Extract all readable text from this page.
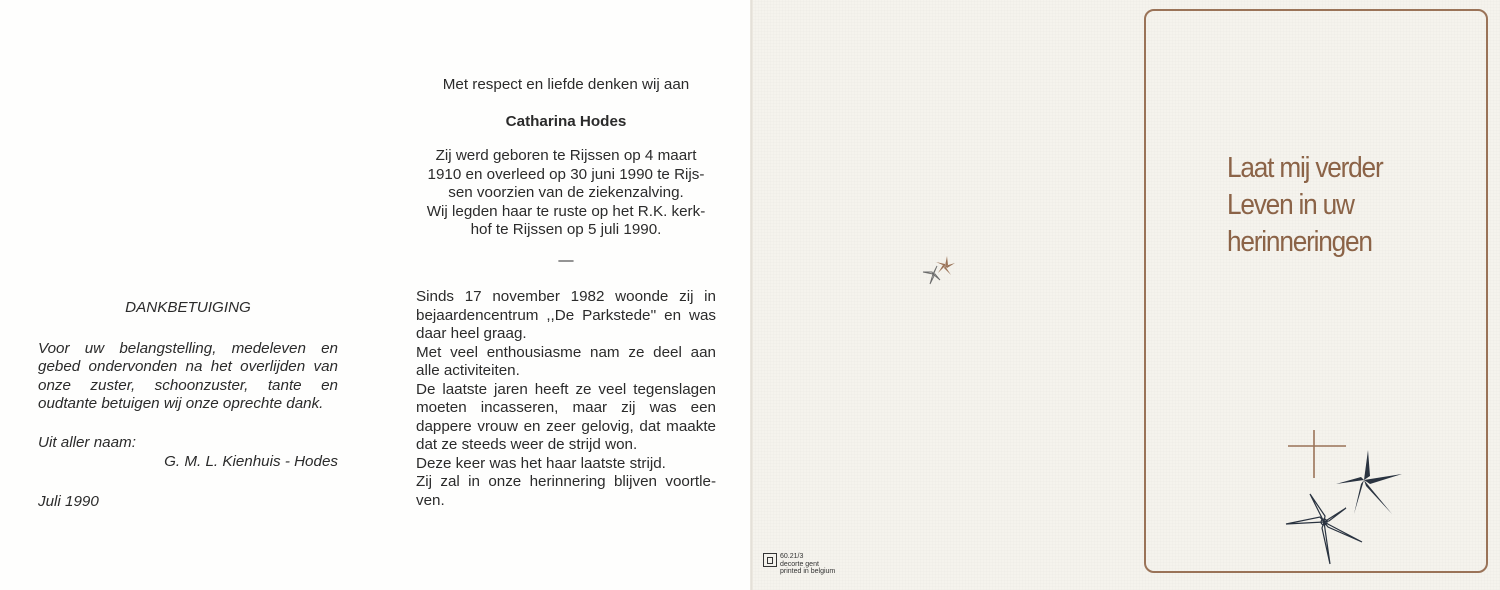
DANKBETUIGING

Voor uw belangstelling, medeleven en gebed ondervonden na het overlijden van onze zuster, schoonzuster, tante en oudtante betuigen wij onze oprechte dank.

Uit aller naam:
G. M. L. Kienhuis - Hodes
Juli 1990

Met respect en liefde denken wij aan

Catharina Hodes

Zij werd geboren te Rijssen op 4 maart
1910 en overleed op 30 juni 1990 te Rijs-
sen voorzien van de ziekenzalving.
Wij legden haar te ruste op het R.K. kerk-
hof te Rijssen op 5 juli 1990.
—
Sinds 17 november 1982 woonde zij in bejaardencentrum ,,De Parkstede'' en was daar heel graag.
Met veel enthousiasme nam ze deel aan alle activiteiten.
De laatste jaren heeft ze veel tegenslagen moeten incasseren, maar zij was een dappere vrouw en zeer gelovig, dat maakte dat ze steeds weer de strijd won.
Deze keer was het haar laatste strijd.
Zij zal in onze herinnering blijven voortle-ven.
Laat mij verder
Leven in uw
herinneringen
60.21/3
decorte gent
printed in belgium
